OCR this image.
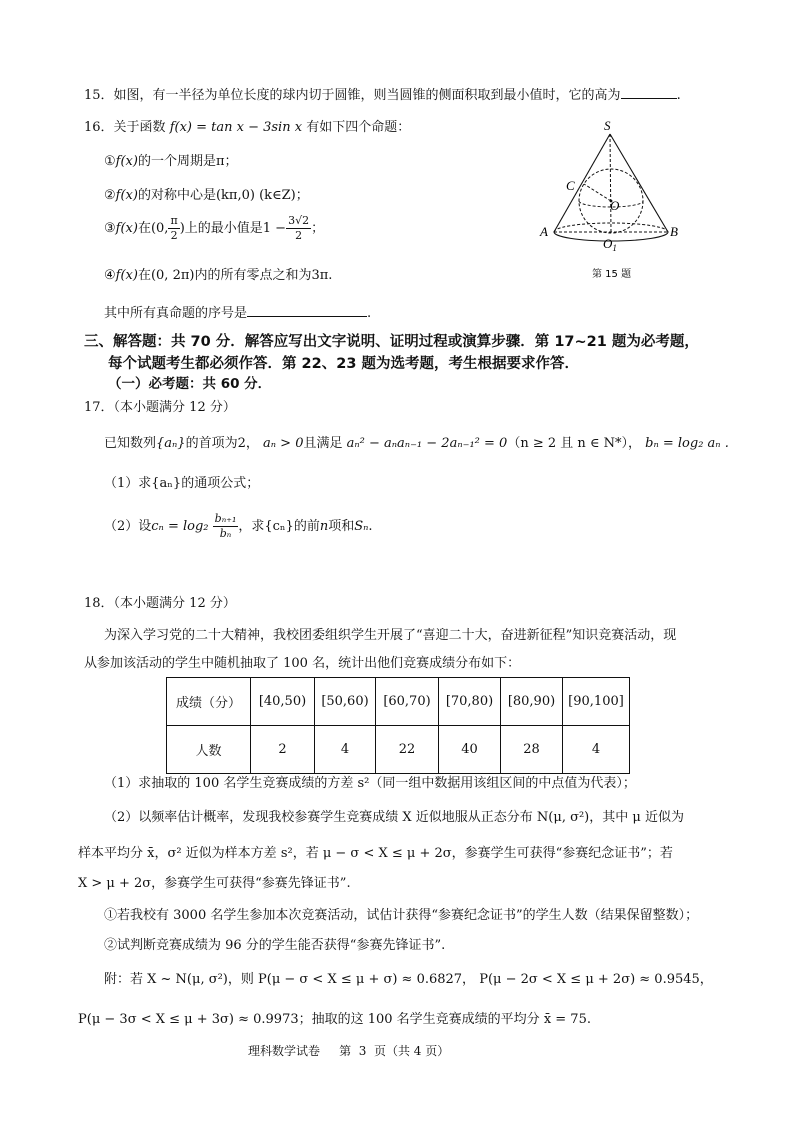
15．如图，有一半径为单位长度的球内切于圆锥，则当圆锥的侧面积取到最小值时，它的高为	.
16．关于函数 f(x) = tan x − 3sin x 有如下四个命题：
①f(x)的一个周期是π；
②f(x)的对称中心是(kπ,0) (k∈Z)；
③f(x)在(0, $\frac{\pi}{2}$ )上的最小值是$1 - \frac{3√2}{2}$ ；
④f(x)在(0, 2π)内的所有零点之和为3π.
其中所有真命题的序号是	.
S
C
O
A
$O_1$
B
第 15 题
三、解答题：共 70 分．解答应写出文字说明、证明过程或演算步骤．第 17~21 题为必考题，
每个试题考生都必须作答．第 22、23 题为选考题，考生根据要求作答．
（一）必考题：共 60 分．
17．（本小题满分 12 分）
已知数列{aₙ}的首项为2， aₙ > 0且满足 aₙ² − aₙaₙ₋₁ − 2aₙ₋₁² = 0（n ≥ 2 且 n ∈ N*）， bₙ = log₂ aₙ .
（1）求{aₙ}的通项公式；
（2）设$c_n = \log_2 \frac{\text{bₙ₊₁}}{\text{bₙ}}$ ，求{cₙ}的前n项和Sₙ.
18．（本小题满分 12 分）
为深入学习党的二十大精神，我校团委组织学生开展了“喜迎二十大，奋进新征程”知识竞赛活动，现
从参加该活动的学生中随机抽取了 100 名，统计出他们竞赛成绩分布如下：
成绩（分）	[40,50)	[50,60)	[60,70)	[70,80)	[80,90)	[90,100]
人数	2	4	22	40	28	4
（1）求抽取的 100 名学生竞赛成绩的方差 s²（同一组中数据用该组区间的中点值为代表）；
（2）以频率估计概率，发现我校参赛学生竞赛成绩 X 近似地服从正态分布 N(μ, σ²)，其中 μ 近似为
样本平均分 x̄，σ² 近似为样本方差 s²，若 μ − σ < X ≤ μ + 2σ，参赛学生可获得“参赛纪念证书”；若
X > μ + 2σ，参赛学生可获得“参赛先锋证书”.
①若我校有 3000 名学生参加本次竞赛活动，试估计获得“参赛纪念证书”的学生人数（结果保留整数）；
②试判断竞赛成绩为 96 分的学生能否获得“参赛先锋证书”.
附：若 X ~ N(μ, σ²)，则 P(μ − σ < X ≤ μ + σ) ≈ 0.6827， P(μ − 2σ < X ≤ μ + 2σ) ≈ 0.9545，
P(μ − 3σ < X ≤ μ + 3σ) ≈ 0.9973；抽取的这 100 名学生竞赛成绩的平均分 x̄ = 75.
理科数学试卷     第  3  页（共 4 页）
